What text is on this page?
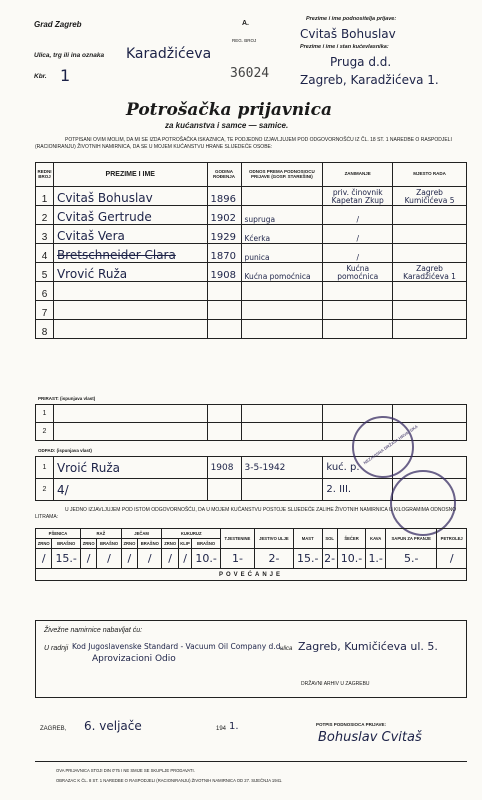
Grad Zagreb	A.
Ulica, trg ili ina oznaka Karadžićeva
Kbr. 1
REG. BROJ
36024
Prezime i ime podnositelja prijave:
Cvitaš Bohuslav
Prezime i ime i stan kućevlasnika:
Pruga d.d.
Zagreb, Karadžićeva 1.
Potrošačka prijavnica
za kućanstva i samce — samice.
POTPISANI OVIM MOLIM, DA MI SE IZDA POTROŠAČKA ISKAZNICA, TE PODJEDNO IZJAVLJUJEM POD ODGOVORNOŠĆU IZ ČL. 18 ST. 1 NAREDBE O RASPODJELI (RACIONIRANJU) ŽIVOTNIH NAMIRNICA, DA SE U MOJEM KUĆANSTVU HRANE SLIJEDEĆE OSOBE:
REDNI BROJ	PREZIME I IME	GODINA ROĐENJA	ODNOS PREMA PODNOSIOCU PRIJAVE (GOSP. STAREŠINI)	ZANIMANJE	MJESTO RADA
1	Cvitaš Bohuslav	1896		priv. činovnik Kapetan Zkup	Zagreb Kumičićeva 5
2	Cvitaš Gertrude	1902	supruga	/	
3	Cvitaš Vera	1929	Kćerka	/	
4	Bretschneider Clara	1870	punica	/	
5	Vrović Ruža	1908	Kućna pomoćnica	Kućna pomoćnica	Zagreb Karadžićeva 1
6					
7					
8					
PRIRAST: (ispunjava vlast)
1					
2					
ODPAD: (ispunjava vlast)
1	Vroić Ruža	1908	3-5-1942	kuć. p.	
2	4/			2. III.	
NEZAVISNA DRŽAVA HRVATSKA
U JEDNO IZJAVLJUJEM POD ISTOM ODGOVORNOŠĆU, DA U MOJEM KUĆANSTVU POSTOJE SLIJEDEĆE ZALIHE ŽIVOTNIH NAMIRNICA U KILOGRAMIMA ODNOSNO LITRAMA:
PŠENICA		RAŽ		JEČAM		KUKURUZ			TJESTENINE	JESTIVO ULJE	MAST	SOL	ŠEĆER	KAVA	SAPUN ZA PRANJE	PETROLEJ
ZRNO	BRAŠNO	ZRNO	BRAŠNO	ZRNO	BRAŠNO	ZRNO	KLIP	BRAŠNO								
/	15.-	/	/	/	/	/	/	10.-	1-	2-	15.-	2-	10.-	1.-	5.-	/
POVEĆANJE																
Živežne namirnice nabavljat ću:
U radnji Kod Jugoslavenske Standard - Vacuum Oil Company d.d.
Aprovizacioni Odio
ulica Zagreb, Kumičićeva ul. 5.
DRŽAVNI ARHIV U ZAGREBU
ZAGREB, 6. veljače	194 1.	POTPIS PODNOSIOCA PRIJAVE:
Bohuslav Cvitaš
OVA PRIJAVNICA STOJI DIN 0'75 I NE SMIJE SE SKUPLJE PRODAVATI.
OBRAZAC K ČL. 8 ST. 1 NAREDBE O RASPODJELI (RACIONIRANJU) ŽIVOTNIH NAMIRNICA OD 27. SIJEČNJA 1941.
